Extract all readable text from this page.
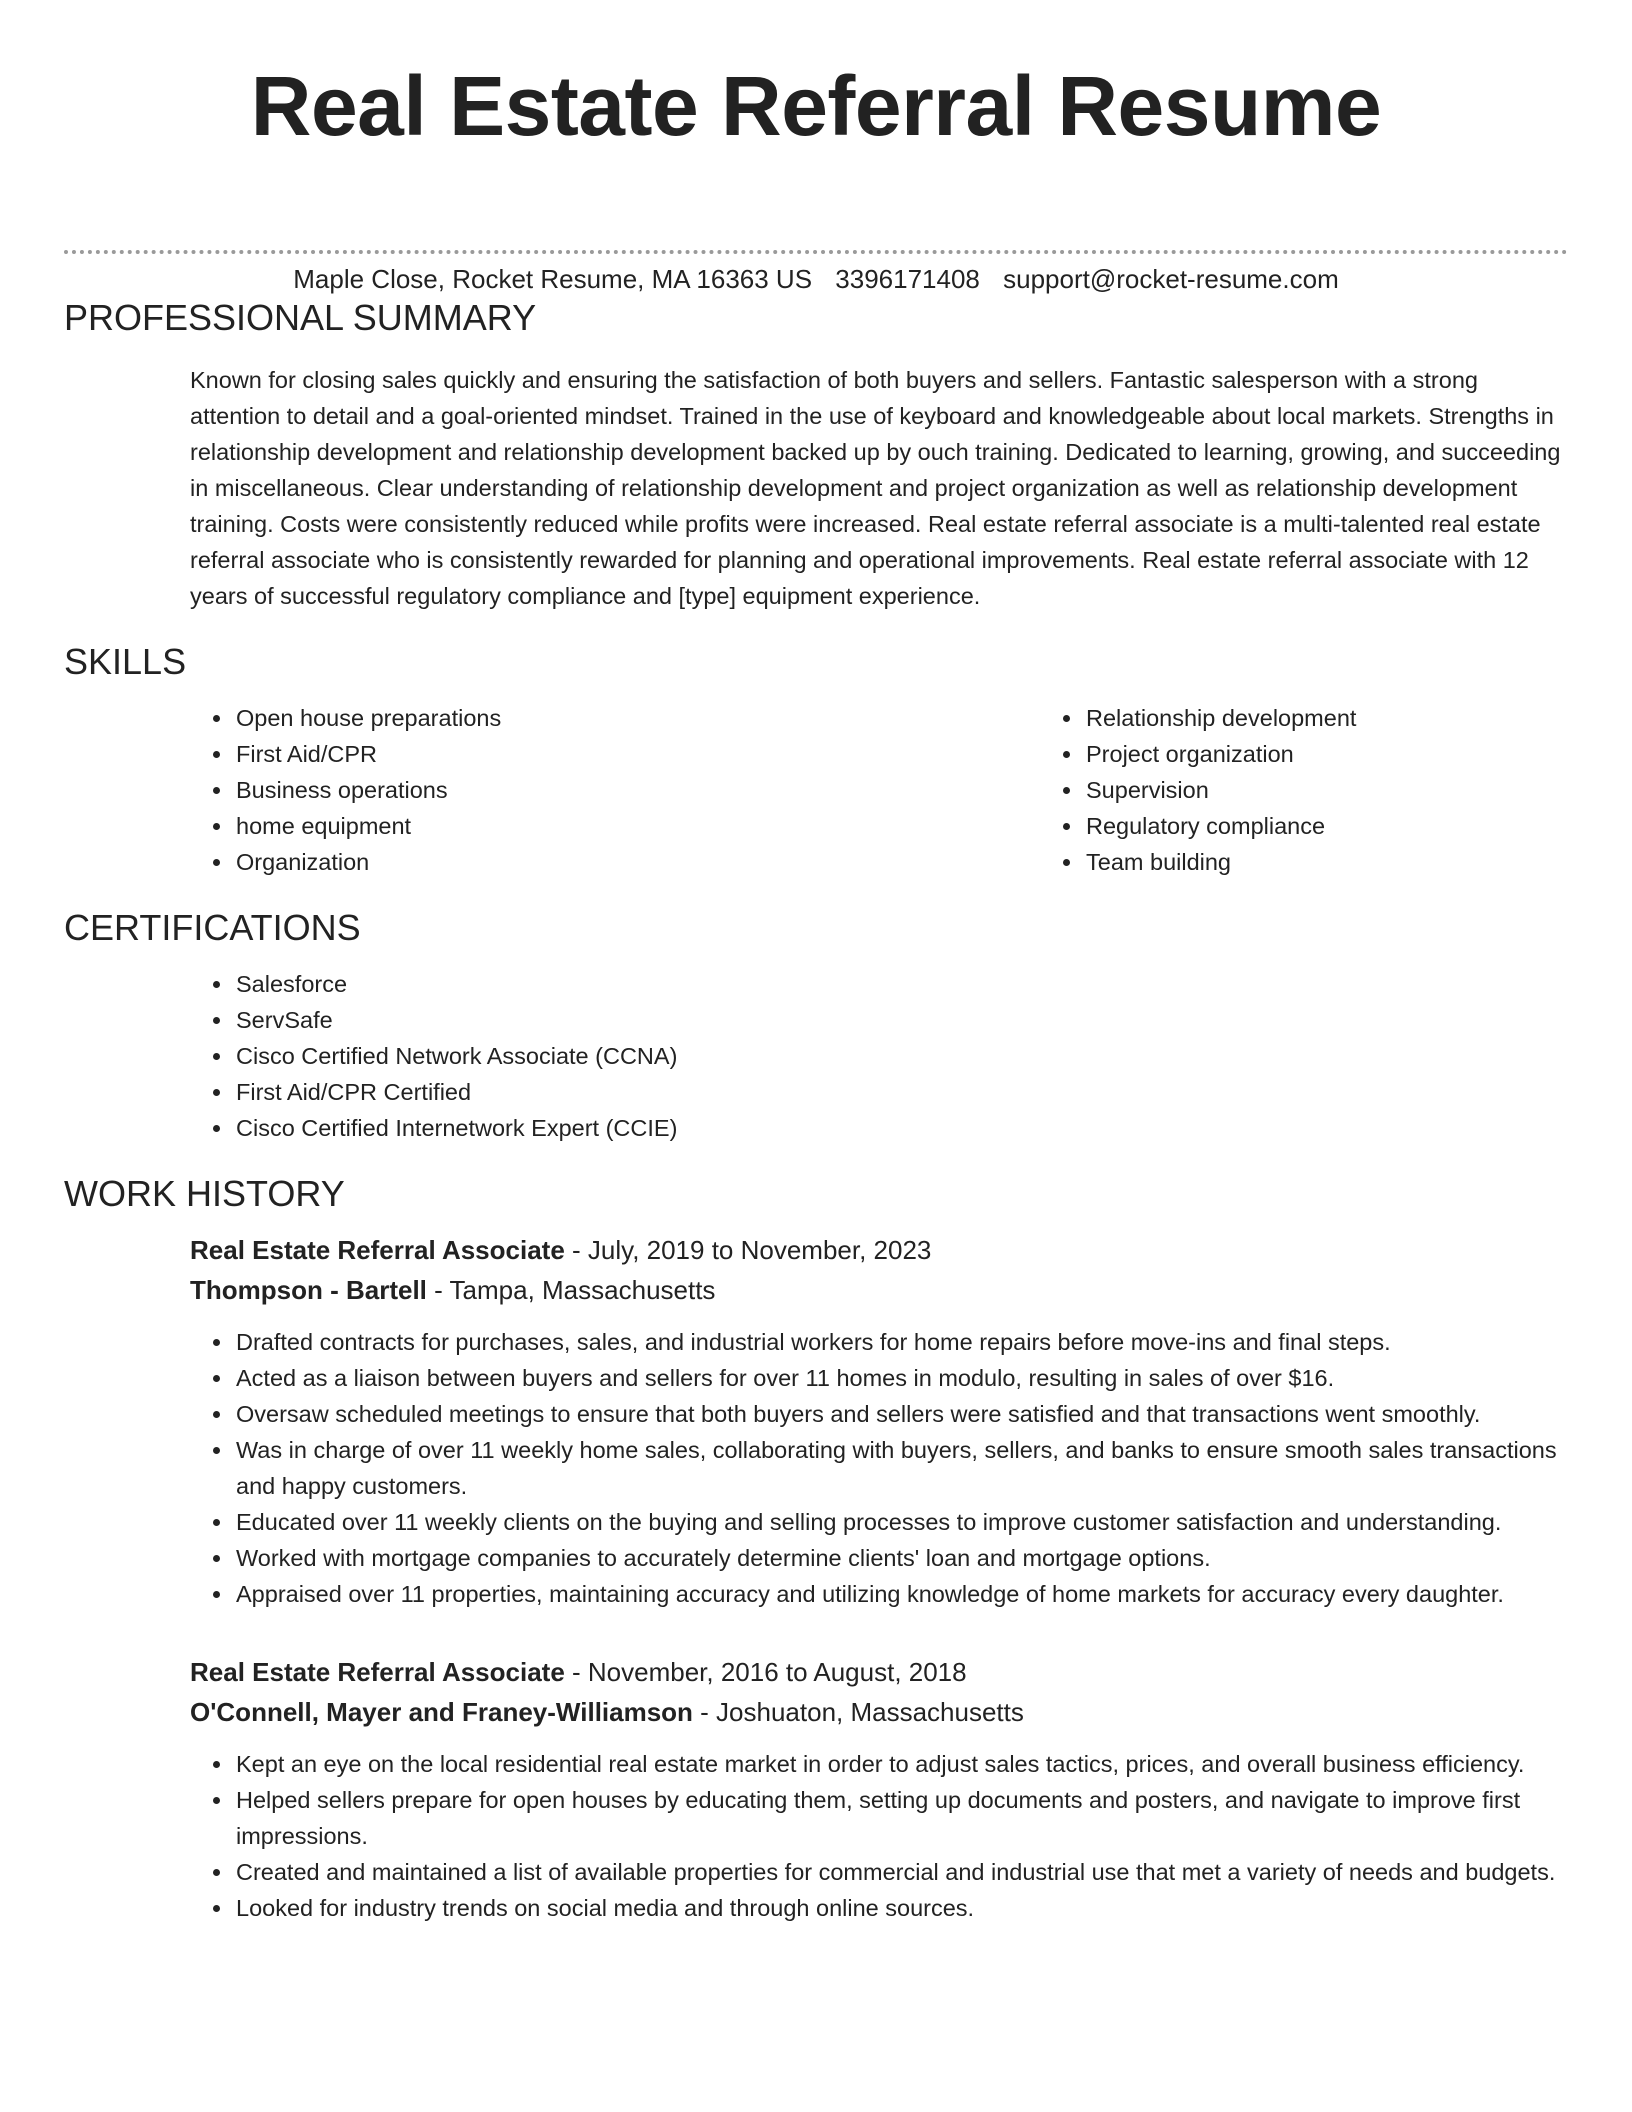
Real Estate Referral Resume
Maple Close, Rocket Resume, MA 16363 US 3396171408 support@rocket-resume.com
PROFESSIONAL SUMMARY

Known for closing sales quickly and ensuring the satisfaction of both buyers and sellers. Fantastic salesperson with a strong attention to detail and a goal-oriented mindset. Trained in the use of keyboard and knowledgeable about local markets. Strengths in relationship development and relationship development backed up by ouch training. Dedicated to learning, growing, and succeeding in miscellaneous. Clear understanding of relationship development and project organization as well as relationship development training. Costs were consistently reduced while profits were increased. Real estate referral associate is a multi-talented real estate referral associate who is consistently rewarded for planning and operational improvements. Real estate referral associate with 12 years of successful regulatory compliance and [type] equipment experience.

SKILLS
• Open house preparations
• First Aid/CPR
• Business operations
• home equipment
• Organization
• Relationship development
• Project organization
• Supervision
• Regulatory compliance
• Team building
CERTIFICATIONS
• Salesforce
• ServSafe
• Cisco Certified Network Associate (CCNA)
• First Aid/CPR Certified
• Cisco Certified Internetwork Expert (CCIE)
WORK HISTORY
Real Estate Referral Associate - July, 2019 to November, 2023
Thompson - Bartell - Tampa, Massachusetts
• Drafted contracts for purchases, sales, and industrial workers for home repairs before move-ins and final steps.
• Acted as a liaison between buyers and sellers for over 11 homes in modulo, resulting in sales of over $16.
• Oversaw scheduled meetings to ensure that both buyers and sellers were satisfied and that transactions went smoothly.
• Was in charge of over 11 weekly home sales, collaborating with buyers, sellers, and banks to ensure smooth sales transactions and happy customers.
• Educated over 11 weekly clients on the buying and selling processes to improve customer satisfaction and understanding.
• Worked with mortgage companies to accurately determine clients' loan and mortgage options.
• Appraised over 11 properties, maintaining accuracy and utilizing knowledge of home markets for accuracy every daughter.
Real Estate Referral Associate - November, 2016 to August, 2018
O'Connell, Mayer and Franey-Williamson - Joshuaton, Massachusetts
• Kept an eye on the local residential real estate market in order to adjust sales tactics, prices, and overall business efficiency.
• Helped sellers prepare for open houses by educating them, setting up documents and posters, and navigate to improve first impressions.
• Created and maintained a list of available properties for commercial and industrial use that met a variety of needs and budgets.
• Looked for industry trends on social media and through online sources.
